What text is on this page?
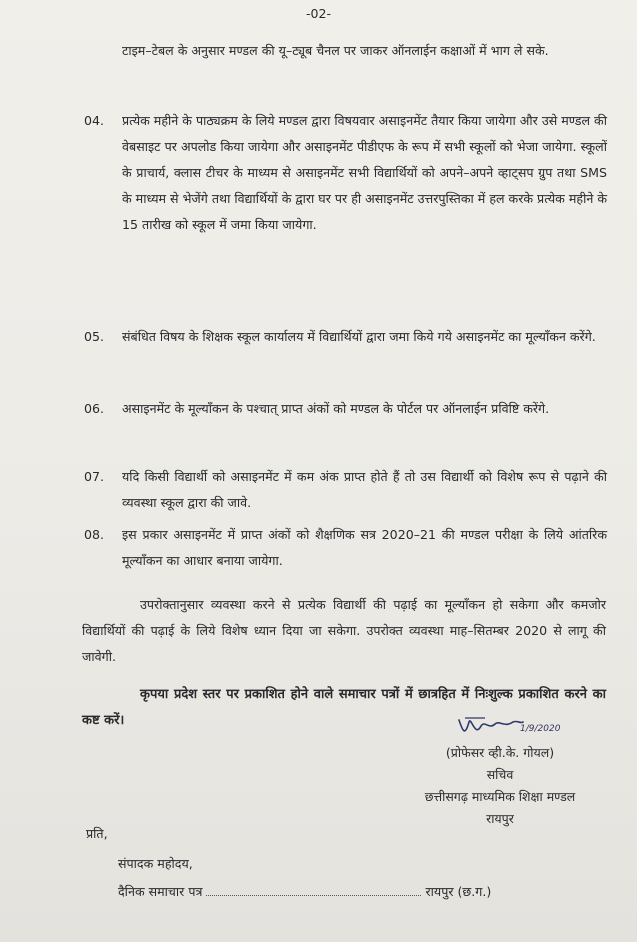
-02-
टाइम–टेबल के अनुसार मण्डल की यू–ट्यूब चैनल पर जाकर ऑनलाईन कक्षाओं में भाग ले सके.
04. प्रत्येक महीने के पाठ्यक्रम के लिये मण्डल द्वारा विषयवार असाइनमेंट तैयार किया जायेगा और उसे मण्डल की वेबसाइट पर अपलोड किया जायेगा और असाइनमेंट पीडीएफ के रूप में सभी स्कूलों को भेजा जायेगा. स्कूलों के प्राचार्य, क्लास टीचर के माध्यम से असाइनमेंट सभी विद्यार्थियों को अपने–अपने व्हाट्सप ग्रुप तथा SMS के माध्यम से भेजेंगे तथा विद्यार्थियों के द्वारा घर पर ही असाइनमेंट उत्तरपुस्तिका में हल करके प्रत्येक महीने के 15 तारीख को स्कूल में जमा किया जायेगा.
05. संबंधित विषय के शिक्षक स्कूल कार्यालय में विद्यार्थियों द्वारा जमा किये गये असाइनमेंट का मूल्यॉंकन करेंगे.
06. असाइनमेंट के मूल्यॉंकन के पश्चात् प्राप्त अंकों को मण्डल के पोर्टल पर ऑनलाईन प्रविष्टि करेंगे.
07. यदि किसी विद्यार्थी को असाइनमेंट में कम अंक प्राप्त होते हैं तो उस विद्यार्थी को विशेष रूप से पढ़ाने की व्यवस्था स्कूल द्वारा की जावे.
08. इस प्रकार असाइनमेंट में प्राप्त अंकों को शैक्षणिक सत्र 2020–21 की मण्डल परीक्षा के लिये आंतरिक मूल्यॉंकन का आधार बनाया जायेगा.
उपरोक्तानुसार व्यवस्था करने से प्रत्येक विद्यार्थी की पढ़ाई का मूल्यॉंकन हो सकेगा और कमजोर विद्यार्थियों की पढ़ाई के लिये विशेष ध्यान दिया जा सकेगा. उपरोक्त व्यवस्था माह–सितम्बर 2020 से लागू की जावेगी.
कृपया प्रदेश स्तर पर प्रकाशित होने वाले समाचार पत्रों में छात्रहित में निःशुल्क प्रकाशित करने का कष्ट करें।
1/9/2020
(प्रोफेसर व्ही.के. गोयल)
सचिव
छत्तीसगढ़ माध्यमिक शिक्षा मण्डल
रायपुर
प्रति,
संपादक महोदय,
दैनिक समाचार पत्र	रायपुर (छ.ग.)
